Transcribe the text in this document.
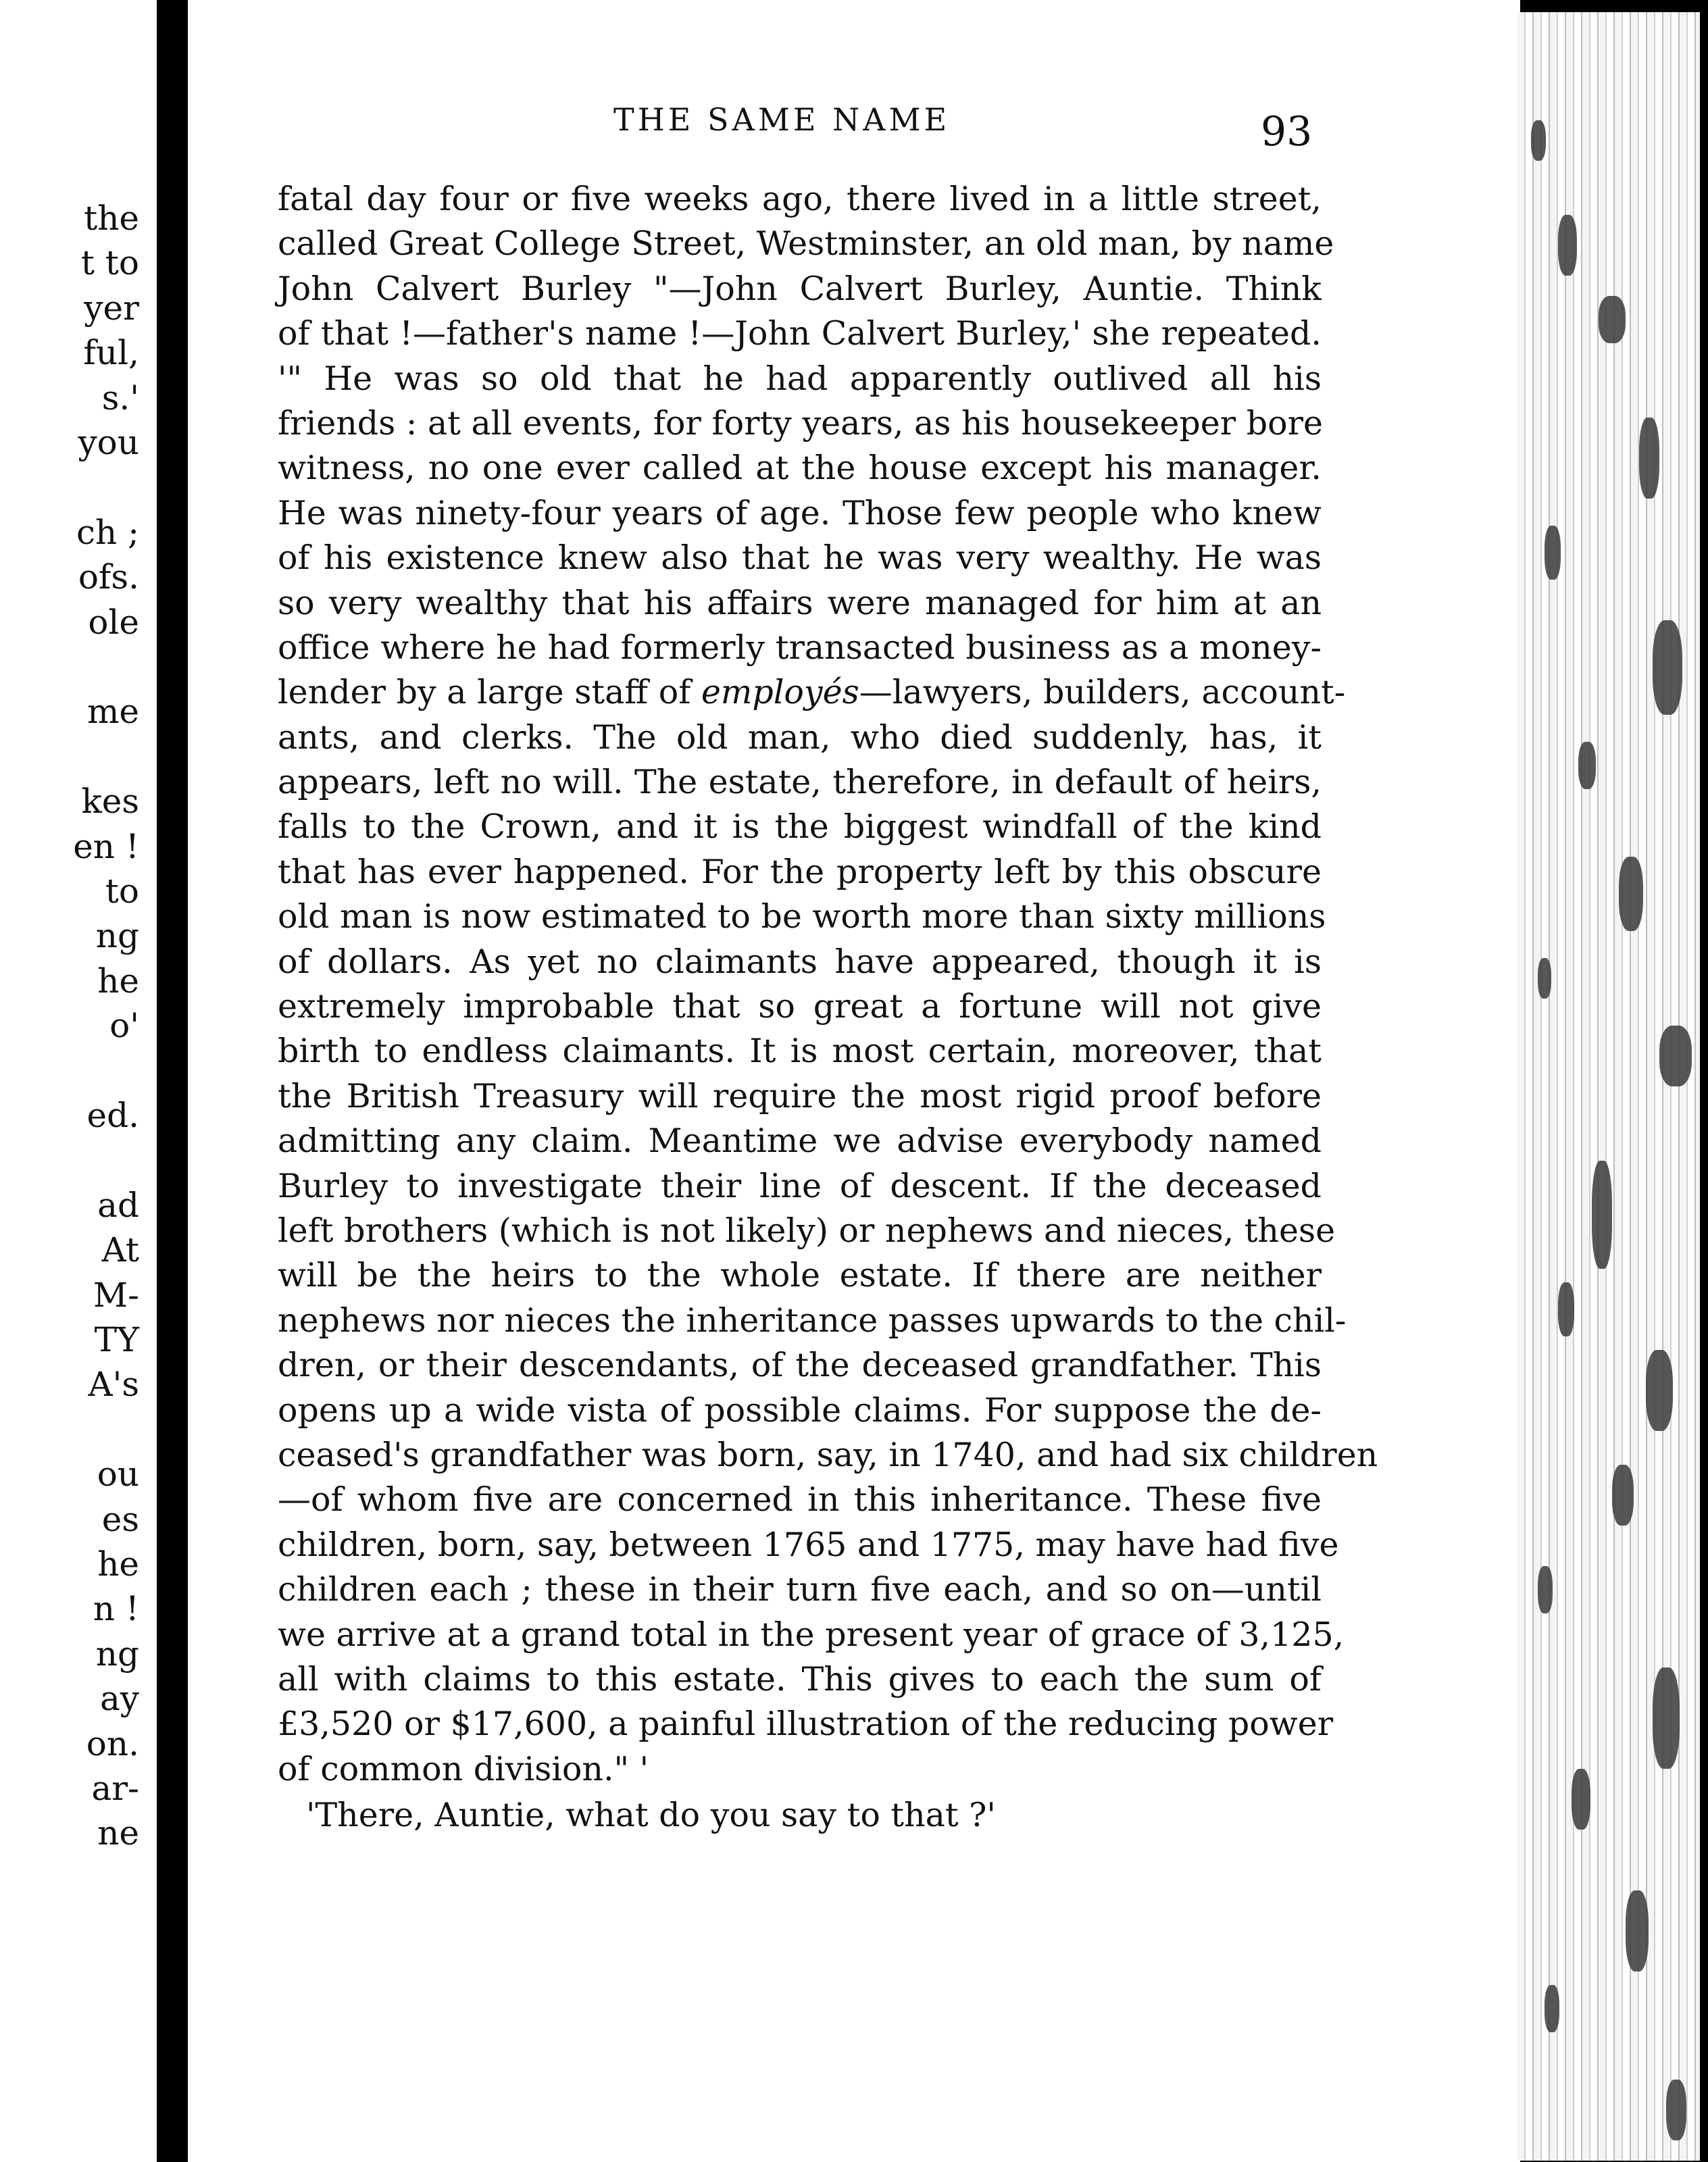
the
t to
yer
ful,
s.'
you
ch ;
ofs.
ole
me
kes
en !
to
ng
he
o'
ed.
ad
At
M-
TY
A's
ou
es
he
n !
ng
ay
on.
ar-
ne
THE SAME NAME	93
fatal day four or five weeks ago, there lived in a little street,
called Great College Street, Westminster, an old man, by name
John Calvert Burley "—John Calvert Burley, Auntie. Think
of that !—father's name !—John Calvert Burley,' she repeated.
'" He was so old that he had apparently outlived all his
friends : at all events, for forty years, as his housekeeper bore
witness, no one ever called at the house except his manager.
He was ninety-four years of age. Those few people who knew
of his existence knew also that he was very wealthy. He was
so very wealthy that his affairs were managed for him at an
office where he had formerly transacted business as a money-
lender by a large staff of employés—lawyers, builders, account-
ants, and clerks. The old man, who died suddenly, has, it
appears, left no will. The estate, therefore, in default of heirs,
falls to the Crown, and it is the biggest windfall of the kind
that has ever happened. For the property left by this obscure
old man is now estimated to be worth more than sixty millions
of dollars. As yet no claimants have appeared, though it is
extremely improbable that so great a fortune will not give
birth to endless claimants. It is most certain, moreover, that
the British Treasury will require the most rigid proof before
admitting any claim. Meantime we advise everybody named
Burley to investigate their line of descent. If the deceased
left brothers (which is not likely) or nephews and nieces, these
will be the heirs to the whole estate. If there are neither
nephews nor nieces the inheritance passes upwards to the chil-
dren, or their descendants, of the deceased grandfather. This
opens up a wide vista of possible claims. For suppose the de-
ceased's grandfather was born, say, in 1740, and had six children
—of whom five are concerned in this inheritance. These five
children, born, say, between 1765 and 1775, may have had five
children each ; these in their turn five each, and so on—until
we arrive at a grand total in the present year of grace of 3,125,
all with claims to this estate. This gives to each the sum of
£3,520 or $17,600, a painful illustration of the reducing power
of common division." '
'There, Auntie, what do you say to that ?'
